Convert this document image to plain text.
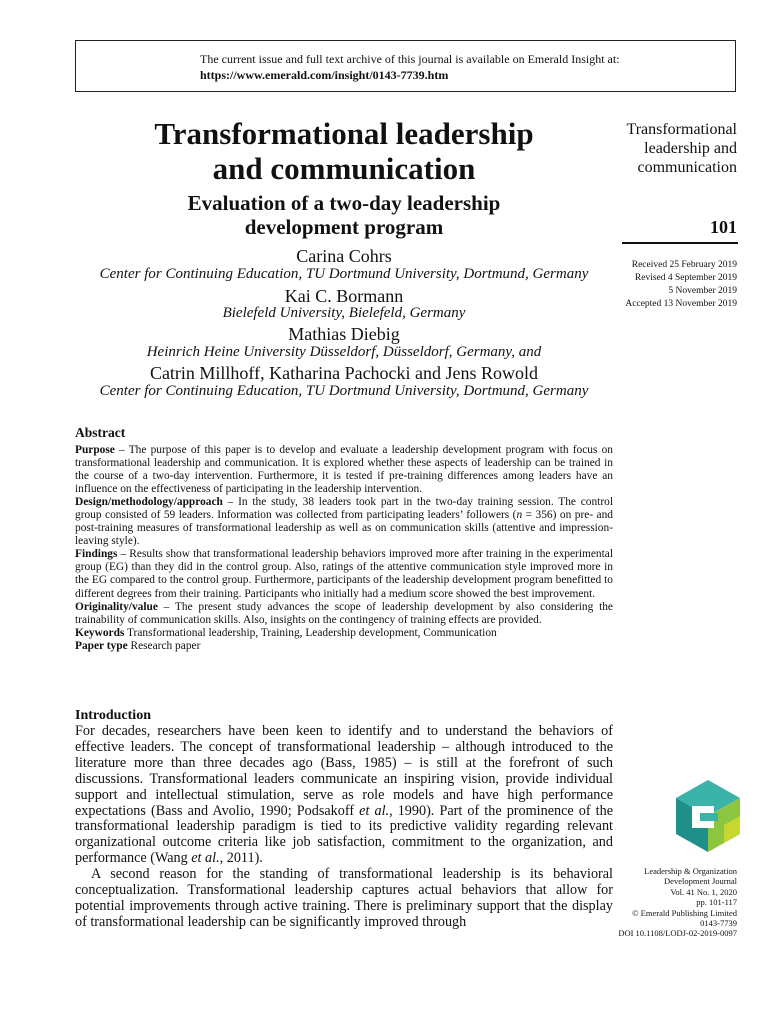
The current issue and full text archive of this journal is available on Emerald Insight at:
https://www.emerald.com/insight/0143-7739.htm
Transformational leadership
and communication
Evaluation of a two-day leadership
development program
Carina Cohrs
Center for Continuing Education, TU Dortmund University, Dortmund, Germany
Kai C. Bormann
Bielefeld University, Bielefeld, Germany
Mathias Diebig
Heinrich Heine University Düsseldorf, Düsseldorf, Germany, and
Catrin Millhoff, Katharina Pachocki and Jens Rowold
Center for Continuing Education, TU Dortmund University, Dortmund, Germany
Transformational
leadership and
communication
101
Received 25 February 2019
Revised 4 September 2019
5 November 2019
Accepted 13 November 2019
Abstract

Purpose – The purpose of this paper is to develop and evaluate a leadership development program with focus on transformational leadership and communication. It is explored whether these aspects of leadership can be trained in the course of a two-day intervention. Furthermore, it is tested if pre-training differences among leaders have an influence on the effectiveness of participating in the leadership intervention.

Design/methodology/approach – In the study, 38 leaders took part in the two-day training session. The control group consisted of 59 leaders. Information was collected from participating leaders’ followers (n = 356) on pre- and post-training measures of transformational leadership as well as on communication skills (attentive and impression-leaving style).

Findings – Results show that transformational leadership behaviors improved more after training in the experimental group (EG) than they did in the control group. Also, ratings of the attentive communication style improved more in the EG compared to the control group. Furthermore, participants of the leadership development program benefitted to different degrees from their training. Participants who initially had a medium score showed the best improvement.

Originality/value – The present study advances the scope of leadership development by also considering the trainability of communication skills. Also, insights on the contingency of training effects are provided.

Keywords Transformational leadership, Training, Leadership development, Communication

Paper type Research paper

Introduction

For decades, researchers have been keen to identify and to understand the behaviors of effective leaders. The concept of transformational leadership – although introduced to the literature more than three decades ago (Bass, 1985) – is still at the forefront of such discussions. Transformational leaders communicate an inspiring vision, provide individual support and intellectual stimulation, serve as role models and have high performance expectations (Bass and Avolio, 1990; Podsakoff et al., 1990). Part of the prominence of the transformational leadership paradigm is tied to its predictive validity regarding relevant organizational outcome criteria like job satisfaction, commitment to the organization, and performance (Wang et al., 2011).

A second reason for the standing of transformational leadership is its behavioral conceptualization. Transformational leadership captures actual behaviors that allow for potential improvements through active training. There is preliminary support that the display of transformational leadership can be significantly improved through

Leadership & Organization
Development Journal
Vol. 41 No. 1, 2020
pp. 101-117
© Emerald Publishing Limited
0143-7739
DOI 10.1108/LODJ-02-2019-0097
